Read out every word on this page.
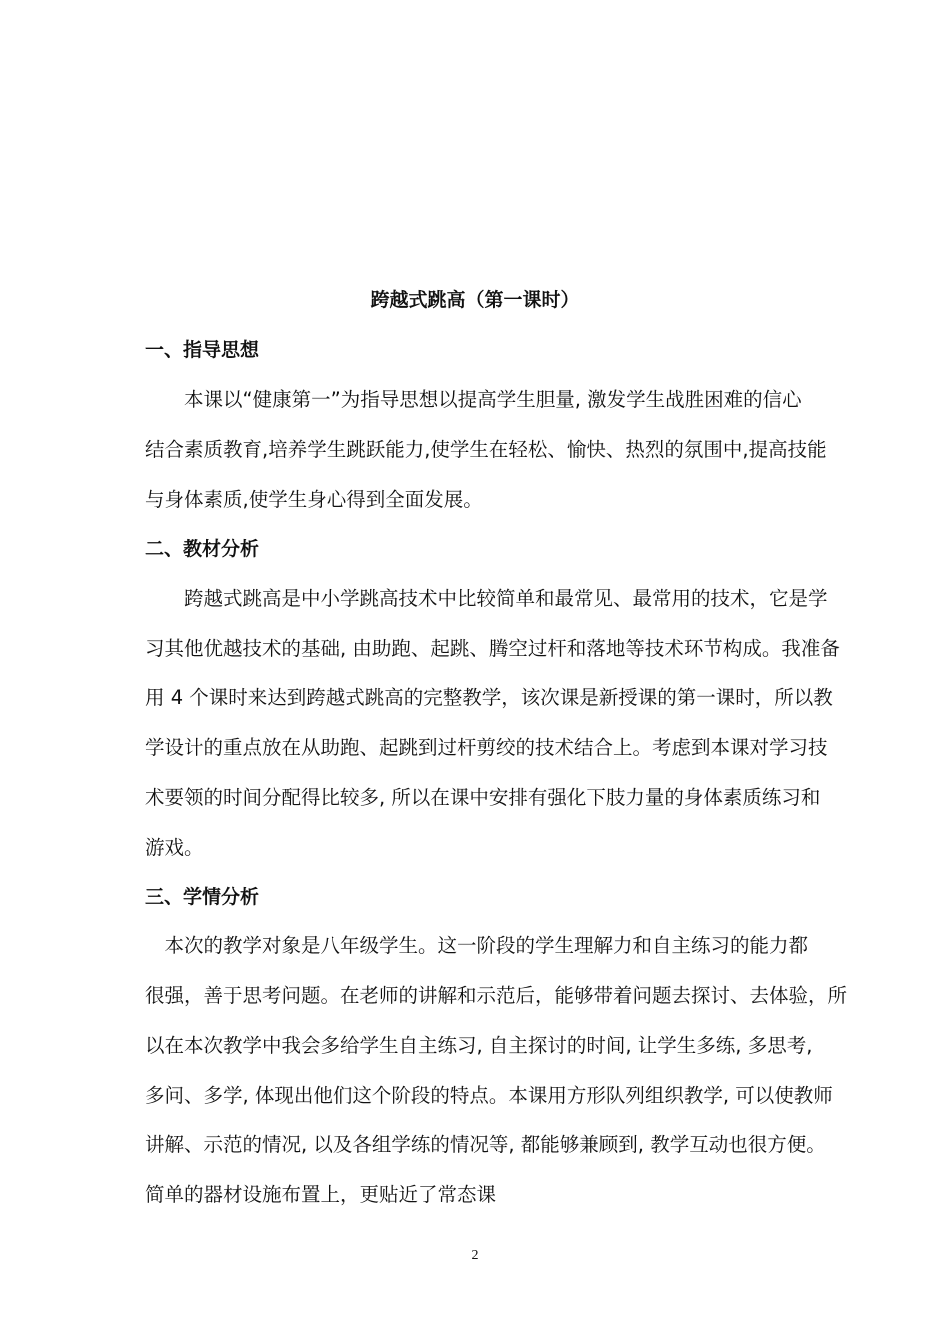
跨越式跳高（第一课时）
一、指导思想
　　本课以“健康第一”为指导思想以提高学生胆量, 激发学生战胜困难的信心
结合素质教育,培养学生跳跃能力,使学生在轻松、愉快、热烈的氛围中,提高技能
与身体素质,使学生身心得到全面发展。
二、教材分析
　　跨越式跳高是中小学跳高技术中比较简单和最常见、最常用的技术，它是学
习其他优越技术的基础, 由助跑、起跳、腾空过杆和落地等技术环节构成。我准备
用 4 个课时来达到跨越式跳高的完整教学，该次课是新授课的第一课时，所以教
学设计的重点放在从助跑、起跳到过杆剪绞的技术结合上。考虑到本课对学习技
术要领的时间分配得比较多, 所以在课中安排有强化下肢力量的身体素质练习和
游戏。
三、学情分析
　本次的教学对象是八年级学生。这一阶段的学生理解力和自主练习的能力都
很强，善于思考问题。在老师的讲解和示范后，能够带着问题去探讨、去体验，所
以在本次教学中我会多给学生自主练习, 自主探讨的时间, 让学生多练, 多思考,
多问、多学, 体现出他们这个阶段的特点。本课用方形队列组织教学, 可以使教师
讲解、示范的情况, 以及各组学练的情况等, 都能够兼顾到, 教学互动也很方便。
简单的器材设施布置上，更贴近了常态课
2
